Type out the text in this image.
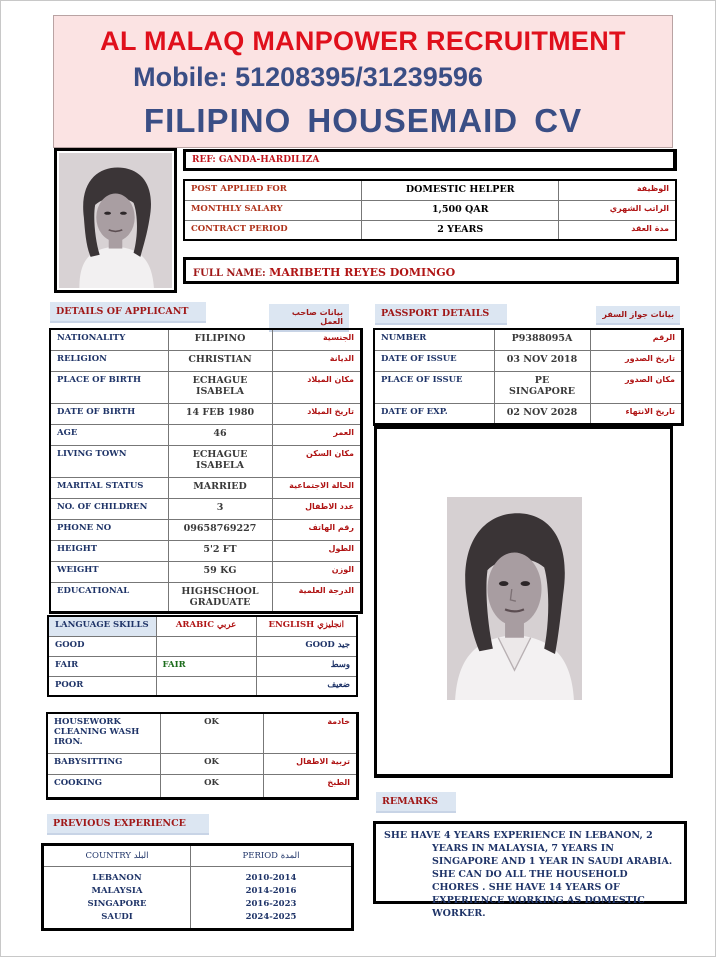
AL MALAQ MANPOWER RECRUITMENT
Mobile: 51208395/31239596
FILIPINO HOUSEMAID CV
REF: GANDA-HARDILIZA
POST APPLIED FOR	DOMESTIC HELPER	الوظيفة
MONTHLY SALARY	1,500 QAR	الراتب الشهري
CONTRACT PERIOD	2 YEARS	مدة العقد
FULL NAME: MARIBETH REYES DOMINGO
DETAILS OF APPLICANT	بيانات صاحب العمل
NATIONALITY	FILIPINO	الجنسية
RELIGION	CHRISTIAN	الديانة
PLACE OF BIRTH	ECHAGUE ISABELA	مكان الميلاد
DATE OF BIRTH	14 FEB 1980	تاريخ الميلاد
AGE	46	العمر
LIVING TOWN	ECHAGUE ISABELA	مكان السكن
MARITAL STATUS	MARRIED	الحالة الاجتماعية
NO. OF CHILDREN	3	عدد الاطفال
PHONE NO	09658769227	رقم الهاتف
HEIGHT	5'2 FT	الطول
WEIGHT	59 KG	الوزن
EDUCATIONAL	HIGHSCHOOL GRADUATE	الدرجة العلمية
LANGUAGE SKILLS	ARABIC عربي	ENGLISH انجليزي
GOOD		GOOD جيد
FAIR	FAIR	وسط
POOR		ضعيف
HOUSEWORK CLEANING WASH IRON.	OK	خادمة
BABYSITTING	OK	تربية الاطفال
COOKING	OK	الطبخ
PREVIOUS EXPERIENCE
COUNTRY البلد	PERIOD المدة
LEBANON	2010-2014
MALAYSIA	2014-2016
SINGAPORE	2016-2023
SAUDI	2024-2025
PASSPORT DETAILS	بيانات جواز السفر
NUMBER	P9388095A	الرقم
DATE OF ISSUE	03 NOV 2018	تاريخ الصدور
PLACE OF ISSUE	PE SINGAPORE	مكان الصدور
DATE OF EXP.	02 NOV 2028	تاريخ الانتهاء
REMARKS

SHE HAVE 4 YEARS EXPERIENCE IN LEBANON, 2 YEARS IN MALAYSIA, 7 YEARS IN SINGAPORE AND 1 YEAR IN SAUDI ARABIA. SHE CAN DO ALL THE HOUSEHOLD CHORES . SHE HAVE 14 YEARS OF EXPERIENCE WORKING AS DOMESTIC WORKER.
